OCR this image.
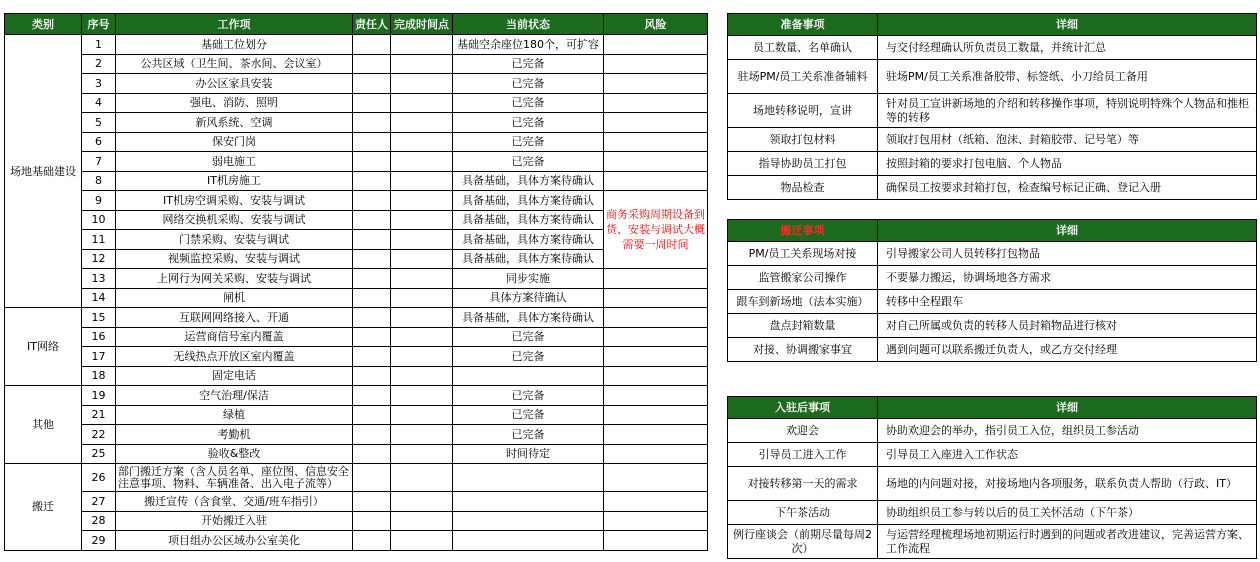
类别	序号	工作项	责任人	完成时间点	当前状态	风险
场地基础建设	1	基础工位划分			基础空余座位180个，可扩容	
	2	公共区域（卫生间、茶水间、会议室）			已完备	
	3	办公区家具安装			已完备	
	4	强电、消防、照明			已完备	
	5	新风系统、空调			已完备	
	6	保安门岗			已完备	
	7	弱电施工			已完备	
	8	IT机房施工			具备基础，具体方案待确认	
	9	IT机房空调采购、安装与调试			具备基础，具体方案待确认	商务采购周期设备到货、安装与调试大概需要一周时间
	10	网络交换机采购、安装与调试			具备基础，具体方案待确认	
	11	门禁采购、安装与调试			具备基础，具体方案待确认	
	12	视频监控采购、安装与调试			具备基础，具体方案待确认	
	13	上网行为网关采购、安装与调试			同步实施	
	14	闸机			具体方案待确认	
IT网络	15	互联网网络接入、开通			具备基础，具体方案待确认	
	16	运营商信号室内覆盖			已完备	
	17	无线热点开放区室内覆盖			已完备	
	18	固定电话				
其他	19	空气治理/保洁			已完备	
	21	绿植			已完备	
	22	考勤机			已完备	
	25	验收&整改			时间待定	
搬迁	26	部门搬迁方案（含人员名单、座位图、信息安全注意事项、物料、车辆准备、出入电子流等）				
	27	搬迁宣传（含食堂、交通/班车指引）				
	28	开始搬迁入驻				
	29	项目组办公区域办公室美化				
准备事项	详细
员工数量、名单确认	与交付经理确认所负责员工数量，并统计汇总
驻场PM/员工关系准备辅料	驻场PM/员工关系准备胶带、标签纸、小刀给员工备用
场地转移说明，宣讲	针对员工宣讲新场地的介绍和转移操作事项，特别说明特殊个人物品和推柜等的转移
领取打包材料	领取打包用材（纸箱、泡沫、封箱胶带、记号笔）等
指导协助员工打包	按照封箱的要求打包电脑、个人物品
物品检查	确保员工按要求封箱打包，检查编号标记正确、登记入册
搬迁事项	详细
PM/员工关系现场对接	引导搬家公司人员转移打包物品
监管搬家公司操作	不要暴力搬运，协调场地各方需求
跟车到新场地（法本实施）	转移中全程跟车
盘点封箱数量	对自己所属或负责的转移人员封箱物品进行核对
对接、协调搬家事宜	遇到问题可以联系搬迁负责人，或乙方交付经理
入驻后事项	详细
欢迎会	协助欢迎会的举办，指引员工入位，组织员工参活动
引导员工进入工作	引导员工入座进入工作状态
对接转移第一天的需求	场地的内问题对接，对接场地内各项服务，联系负责人帮助（行政、IT）
下午茶活动	协助组织员工参与转以后的员工关怀活动（下午茶）
例行座谈会（前期尽量每周2次）	与运营经理梳理场地初期运行时遇到的问题或者改进建议，完善运营方案、工作流程
